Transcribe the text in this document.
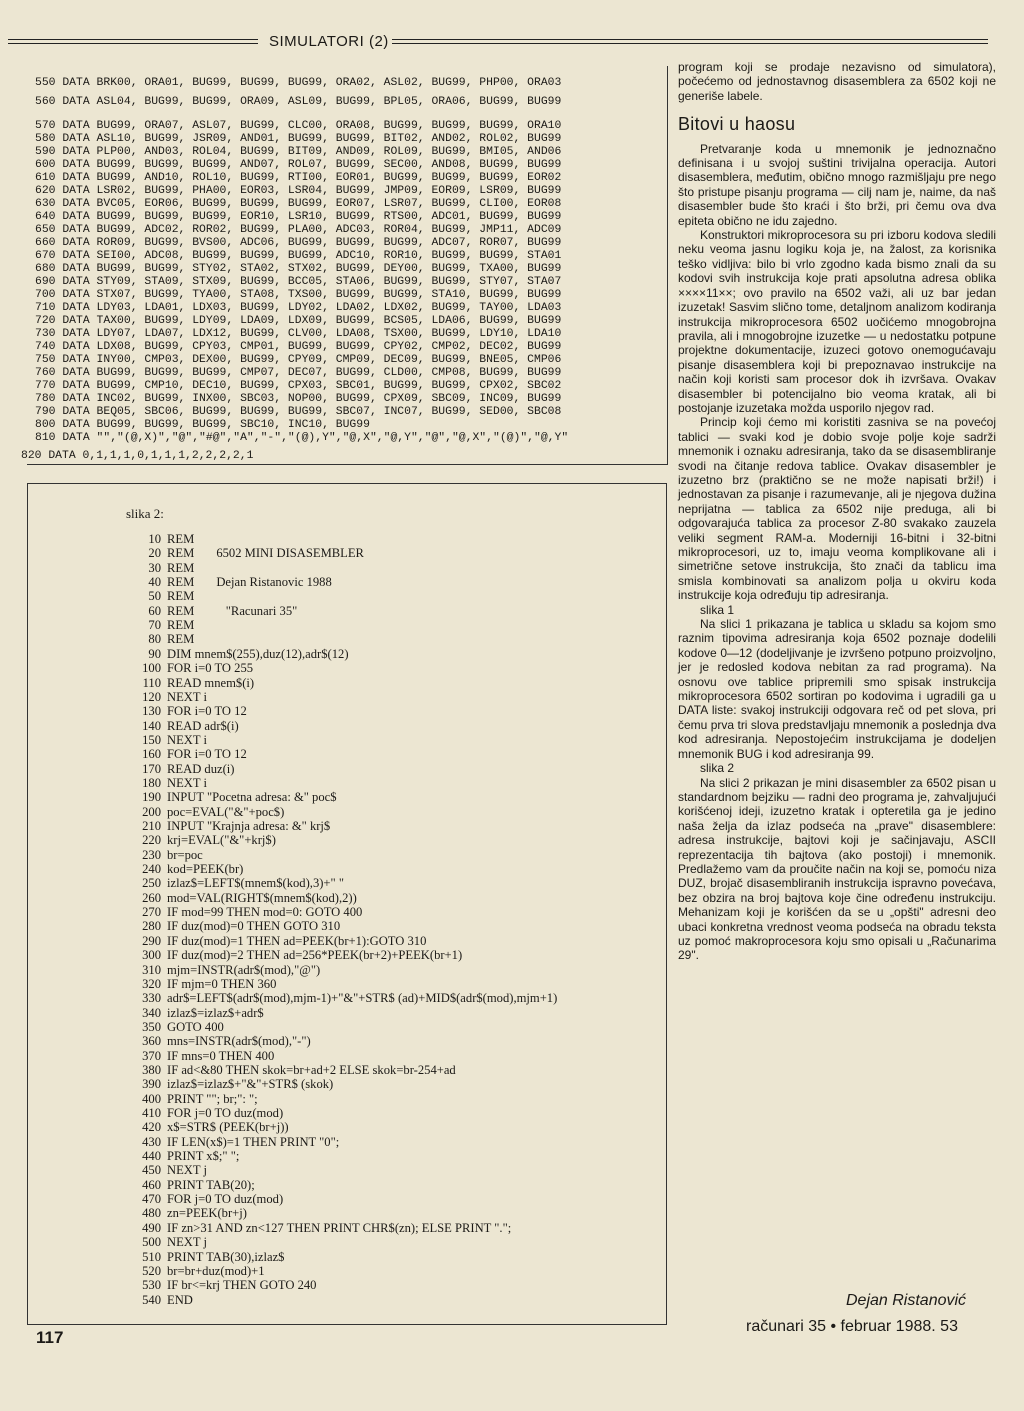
SIMULATORI (2)
550 DATA BRK00, ORA01, BUG99, BUG99, BUG99, ORA02, ASL02, BUG99, PHP00, ORA03
560 DATA ASL04, BUG99, BUG99, ORA09, ASL09, BUG99, BPL05, ORA06, BUG99, BUG99
570 DATA BUG99, ORA07, ASL07, BUG99, CLC00, ORA08, BUG99, BUG99, BUG99, ORA10
580 DATA ASL10, BUG99, JSR09, AND01, BUG99, BUG99, BIT02, AND02, ROL02, BUG99
590 DATA PLP00, AND03, ROL04, BUG99, BIT09, AND09, ROL09, BUG99, BMI05, AND06
600 DATA BUG99, BUG99, BUG99, AND07, ROL07, BUG99, SEC00, AND08, BUG99, BUG99
610 DATA BUG99, AND10, ROL10, BUG99, RTI00, EOR01, BUG99, BUG99, BUG99, EOR02
620 DATA LSR02, BUG99, PHA00, EOR03, LSR04, BUG99, JMP09, EOR09, LSR09, BUG99
630 DATA BVC05, EOR06, BUG99, BUG99, BUG99, EOR07, LSR07, BUG99, CLI00, EOR08
640 DATA BUG99, BUG99, BUG99, EOR10, LSR10, BUG99, RTS00, ADC01, BUG99, BUG99
650 DATA BUG99, ADC02, ROR02, BUG99, PLA00, ADC03, ROR04, BUG99, JMP11, ADC09
660 DATA ROR09, BUG99, BVS00, ADC06, BUG99, BUG99, BUG99, ADC07, ROR07, BUG99
670 DATA SEI00, ADC08, BUG99, BUG99, BUG99, ADC10, ROR10, BUG99, BUG99, STA01
680 DATA BUG99, BUG99, STY02, STA02, STX02, BUG99, DEY00, BUG99, TXA00, BUG99
690 DATA STY09, STA09, STX09, BUG99, BCC05, STA06, BUG99, BUG99, STY07, STA07
700 DATA STX07, BUG99, TYA00, STA08, TXS00, BUG99, BUG99, STA10, BUG99, BUG99
710 DATA LDY03, LDA01, LDX03, BUG99, LDY02, LDA02, LDX02, BUG99, TAY00, LDA03
720 DATA TAX00, BUG99, LDY09, LDA09, LDX09, BUG99, BCS05, LDA06, BUG99, BUG99
730 DATA LDY07, LDA07, LDX12, BUG99, CLV00, LDA08, TSX00, BUG99, LDY10, LDA10
740 DATA LDX08, BUG99, CPY03, CMP01, BUG99, BUG99, CPY02, CMP02, DEC02, BUG99
750 DATA INY00, CMP03, DEX00, BUG99, CPY09, CMP09, DEC09, BUG99, BNE05, CMP06
760 DATA BUG99, BUG99, BUG99, CMP07, DEC07, BUG99, CLD00, CMP08, BUG99, BUG99
770 DATA BUG99, CMP10, DEC10, BUG99, CPX03, SBC01, BUG99, BUG99, CPX02, SBC02
780 DATA INC02, BUG99, INX00, SBC03, NOP00, BUG99, CPX09, SBC09, INC09, BUG99
790 DATA BEQ05, SBC06, BUG99, BUG99, BUG99, SBC07, INC07, BUG99, SED00, SBC08
800 DATA BUG99, BUG99, BUG99, SBC10, INC10, BUG99
810 DATA "","(@,X)","@","#@","A","-","(@),Y","@,X","@,Y","@","@,X","(@)","@,Y"
820 DATA 0,1,1,1,0,1,1,1,2,2,2,2,1
slika 2:
10 REM
20 REM       6502 MINI DISASEMBLER
30 REM
40 REM       Dejan Ristanovic 1988
50 REM
60 REM          "Racunari 35"
70 REM
80 REM
90 DIM mnem$(255),duz(12),adr$(12)
100 FOR i=0 TO 255
110 READ mnem$(i)
120 NEXT i
130 FOR i=0 TO 12
140 READ adr$(i)
150 NEXT i
160 FOR i=0 TO 12
170 READ duz(i)
180 NEXT i
190 INPUT "Pocetna adresa: &" poc$
200 poc=EVAL("&"+poc$)
210 INPUT "Krajnja adresa: &" krj$
220 krj=EVAL("&"+krj$)
230 br=poc
240 kod=PEEK(br)
250 izlaz$=LEFT$(mnem$(kod),3)+" "
260 mod=VAL(RIGHT$(mnem$(kod),2))
270 IF mod=99 THEN mod=0: GOTO 400
280 IF duz(mod)=0 THEN GOTO 310
290 IF duz(mod)=1 THEN ad=PEEK(br+1):GOTO 310
300 IF duz(mod)=2 THEN ad=256*PEEK(br+2)+PEEK(br+1)
310 mjm=INSTR(adr$(mod),"@")
320 IF mjm=0 THEN 360
330 adr$=LEFT$(adr$(mod),mjm-1)+"&"+STR$ (ad)+MID$(adr$(mod),mjm+1)
340 izlaz$=izlaz$+adr$
350 GOTO 400
360 mns=INSTR(adr$(mod),"-")
370 IF mns=0 THEN 400
380 IF ad<&80 THEN skok=br+ad+2 ELSE skok=br-254+ad
390 izlaz$=izlaz$+"&"+STR$ (skok)
400 PRINT ""; br;": ";
410 FOR j=0 TO duz(mod)
420 x$=STR$ (PEEK(br+j))
430 IF LEN(x$)=1 THEN PRINT "0";
440 PRINT x$;" ";
450 NEXT j
460 PRINT TAB(20);
470 FOR j=0 TO duz(mod)
480 zn=PEEK(br+j)
490 IF zn>31 AND zn<127 THEN PRINT CHR$(zn); ELSE PRINT ".";
500 NEXT j
510 PRINT TAB(30),izlaz$
520 br=br+duz(mod)+1
530 IF br<=krj THEN GOTO 240
540 END

program koji se prodaje nezavisno od simulatora), počećemo od jednostavnog disasemblera za 6502 koji ne generiše labele.

Bitovi u haosu

Pretvaranje koda u mnemonik je jednoznačno definisana i u svojoj suštini trivijalna operacija. Autori disasemblera, međutim, obično mnogo razmišljaju pre nego što pristupe pisanju programa — cilj nam je, naime, da naš disasembler bude što kraći i što brži, pri čemu ova dva epiteta obično ne idu zajedno.

Konstruktori mikroprocesora su pri izboru kodova sledili neku veoma jasnu logiku koja je, na žalost, za korisnika teško vidljiva: bilo bi vrlo zgodno kada bismo znali da su kodovi svih instrukcija koje prati apsolutna adresa oblika ××××11××; ovo pravilo na 6502 važi, ali uz bar jedan izuzetak! Sasvim slično tome, detaljnom analizom kodiranja instrukcija mikroprocesora 6502 uočićemo mnogobrojna pravila, ali i mnogobrojne izuzetke — u nedostatku potpune projektne dokumentacije, izuzeci gotovo onemogućavaju pisanje disasemblera koji bi prepoznavao instrukcije na način koji koristi sam procesor dok ih izvršava. Ovakav disasembler bi potencijalno bio veoma kratak, ali bi postojanje izuzetaka možda usporilo njegov rad.

Princip koji ćemo mi koristiti zasniva se na povećoj tablici — svaki kod je dobio svoje polje koje sadrži mnemonik i oznaku adresiranja, tako da se disasembliranje svodi na čitanje redova tablice. Ovakav disasembler je izuzetno brz (praktično se ne može napisati brži!) i jednostavan za pisanje i razumevanje, ali je njegova dužina neprijatna — tablica za 6502 nije preduga, ali bi odgovarajuća tablica za procesor Z-80 svakako zauzela veliki segment RAM-a. Moderniji 16-bitni i 32-bitni mikroprocesori, uz to, imaju veoma komplikovane ali i simetrične setove instrukcija, što znači da tablicu ima smisla kombinovati sa analizom polja u okviru koda instrukcije koja određuju tip adresiranja.

slika 1

Na slici 1 prikazana je tablica u skladu sa kojom smo raznim tipovima adresiranja koja 6502 poznaje dodelili kodove 0—12 (dodeljivanje je izvršeno potpuno proizvoljno, jer je redosled kodova nebitan za rad programa). Na osnovu ove tablice pripremili smo spisak instrukcija mikroprocesora 6502 sortiran po kodovima i ugradili ga u DATA liste: svakoj instrukciji odgovara reč od pet slova, pri čemu prva tri slova predstavljaju mnemonik a poslednja dva kod adresiranja. Nepostojećim instrukcijama je dodeljen mnemonik BUG i kod adresiranja 99.

slika 2

Na slici 2 prikazan je mini disasembler za 6502 pisan u standardnom bejziku — radni deo programa je, zahvaljujući korišćenoj ideji, izuzetno kratak i opteretila ga je jedino naša želja da izlaz podseća na „prave" disasemblere: adresa instrukcije, bajtovi koji je sačinjavaju, ASCII reprezentacija tih bajtova (ako postoji) i mnemonik. Predlažemo vam da proučite način na koji se, pomoću niza DUZ, brojač disasembliranih instrukcija ispravno povećava, bez obzira na broj bajtova koje čine određenu instrukciju. Mehanizam koji je korišćen da se u „opšti" adresni deo ubaci konkretna vrednost veoma podseća na obradu teksta uz pomoć makroprocesora koju smo opisali u „Računarima 29".

Dejan Ristanović
računari 35 • februar 1988. 53
117
